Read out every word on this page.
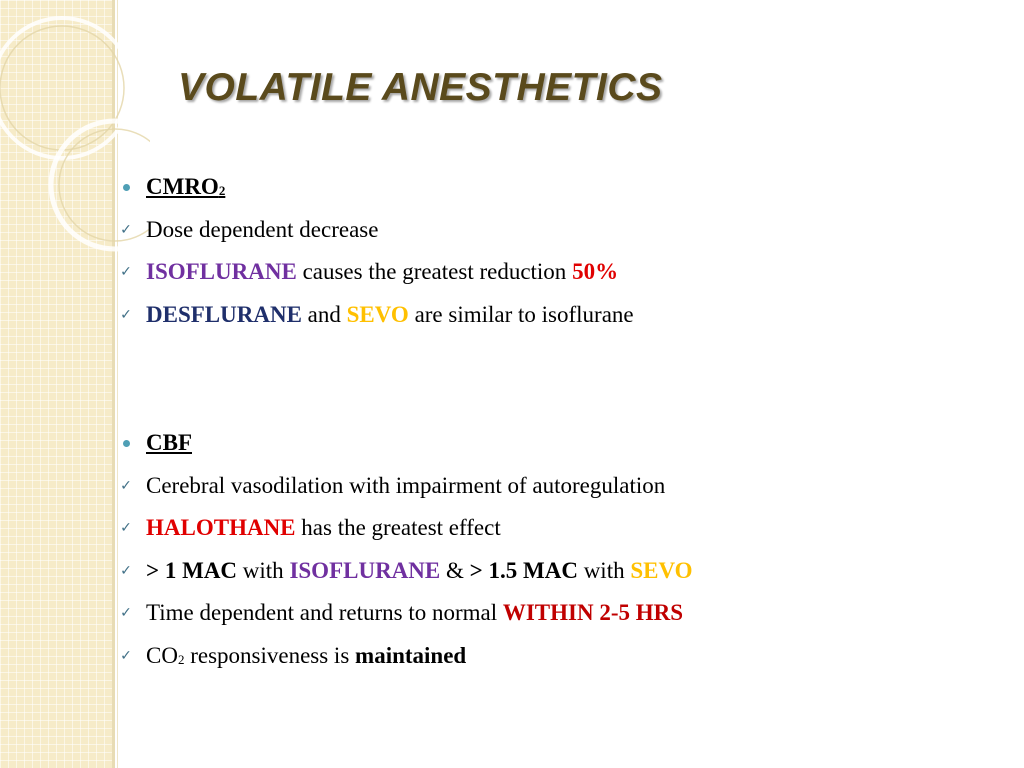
VOLATILE ANESTHETICS
$CMRO_2$
✓ Dose dependent decrease
✓ ISOFLURANE causes the greatest reduction 50%
✓ DESFLURANE and SEVO are similar to isoflurane
CBF
✓ Cerebral vasodilation with impairment of autoregulation
✓ HALOTHANE has the greatest effect
✓ > 1 MAC with ISOFLURANE & > 1.5 MAC with SEVO
✓ Time dependent and returns to normal WITHIN 2-5 HRS
✓ $CO_2$ responsiveness is maintained
